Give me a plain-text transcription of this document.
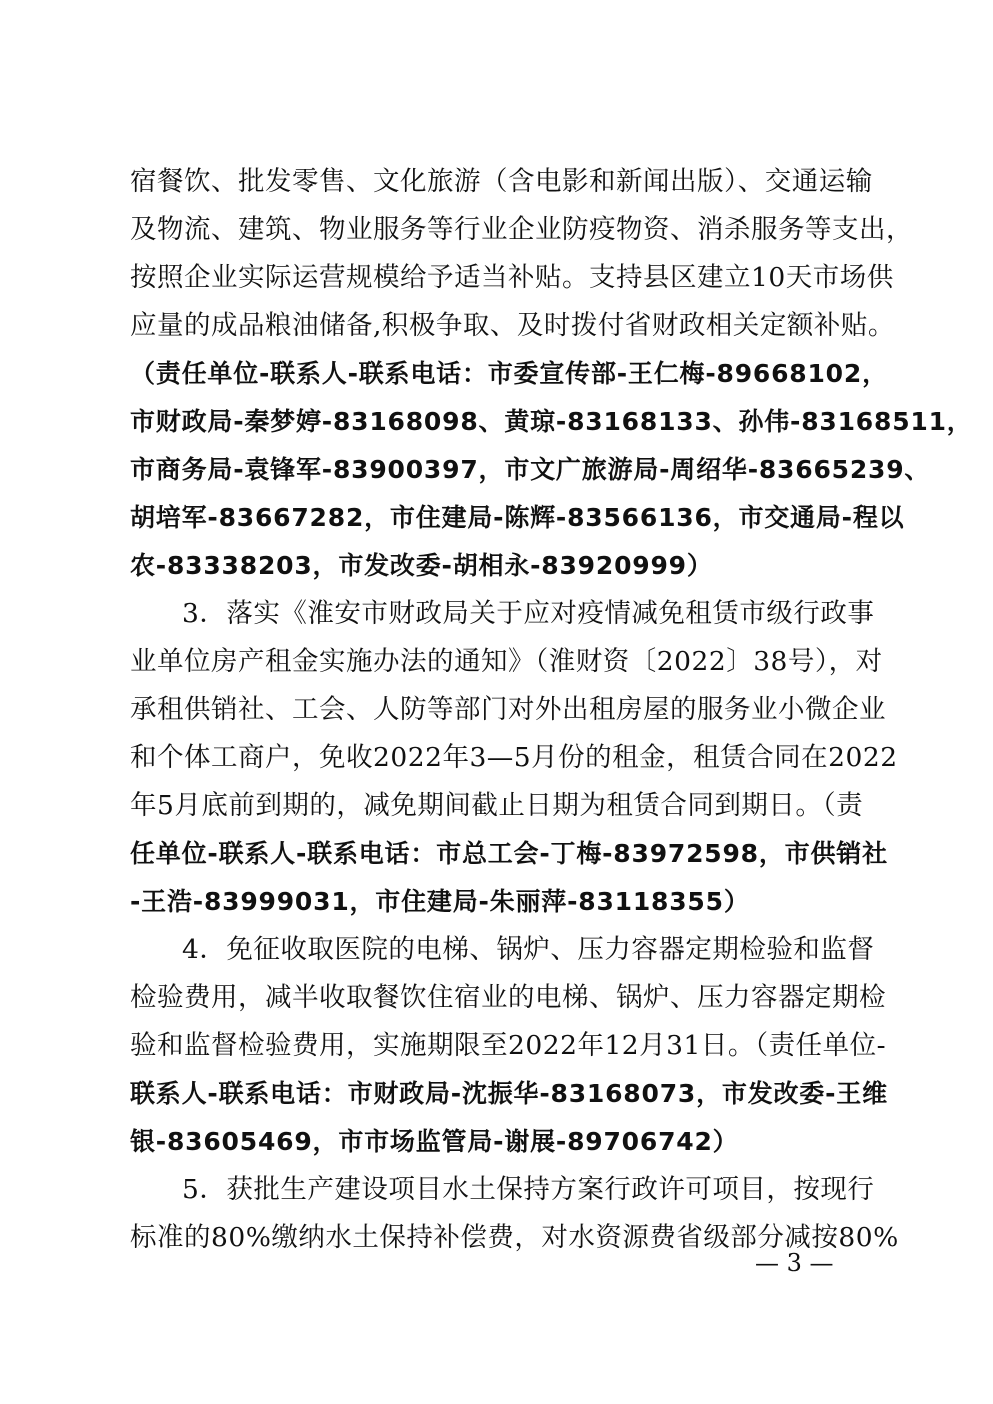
宿餐饮、批发零售、文化旅游（含电影和新闻出版）、交通运输
及物流、建筑、物业服务等行业企业防疫物资、消杀服务等支出，
按照企业实际运营规模给予适当补贴。支持县区建立10天市场供
应量的成品粮油储备,积极争取、及时拨付省财政相关定额补贴。
（责任单位-联系人-联系电话：市委宣传部-王仁梅-89668102，
市财政局-秦梦婷-83168098、黄琼-83168133、孙伟-83168511，
市商务局-袁锋军-83900397，市文广旅游局-周绍华-83665239、
胡培军-83667282，市住建局-陈辉-83566136，市交通局-程以
农-83338203，市发改委-胡相永-83920999）
3．落实《淮安市财政局关于应对疫情减免租赁市级行政事
业单位房产租金实施办法的通知》（淮财资〔2022〕38号），对
承租供销社、工会、人防等部门对外出租房屋的服务业小微企业
和个体工商户，免收2022年3—5月份的租金，租赁合同在2022
年5月底前到期的，减免期间截止日期为租赁合同到期日。（责
任单位-联系人-联系电话：市总工会-丁梅-83972598，市供销社
-王浩-83999031，市住建局-朱丽萍-83118355）
4．免征收取医院的电梯、锅炉、压力容器定期检验和监督
检验费用，减半收取餐饮住宿业的电梯、锅炉、压力容器定期检
验和监督检验费用，实施期限至2022年12月31日。（责任单位-
联系人-联系电话：市财政局-沈振华-83168073，市发改委-王维
银-83605469，市市场监管局-谢展-89706742）
5．获批生产建设项目水土保持方案行政许可项目，按现行
标准的80%缴纳水土保持补偿费，对水资源费省级部分减按80%
— 3 —
